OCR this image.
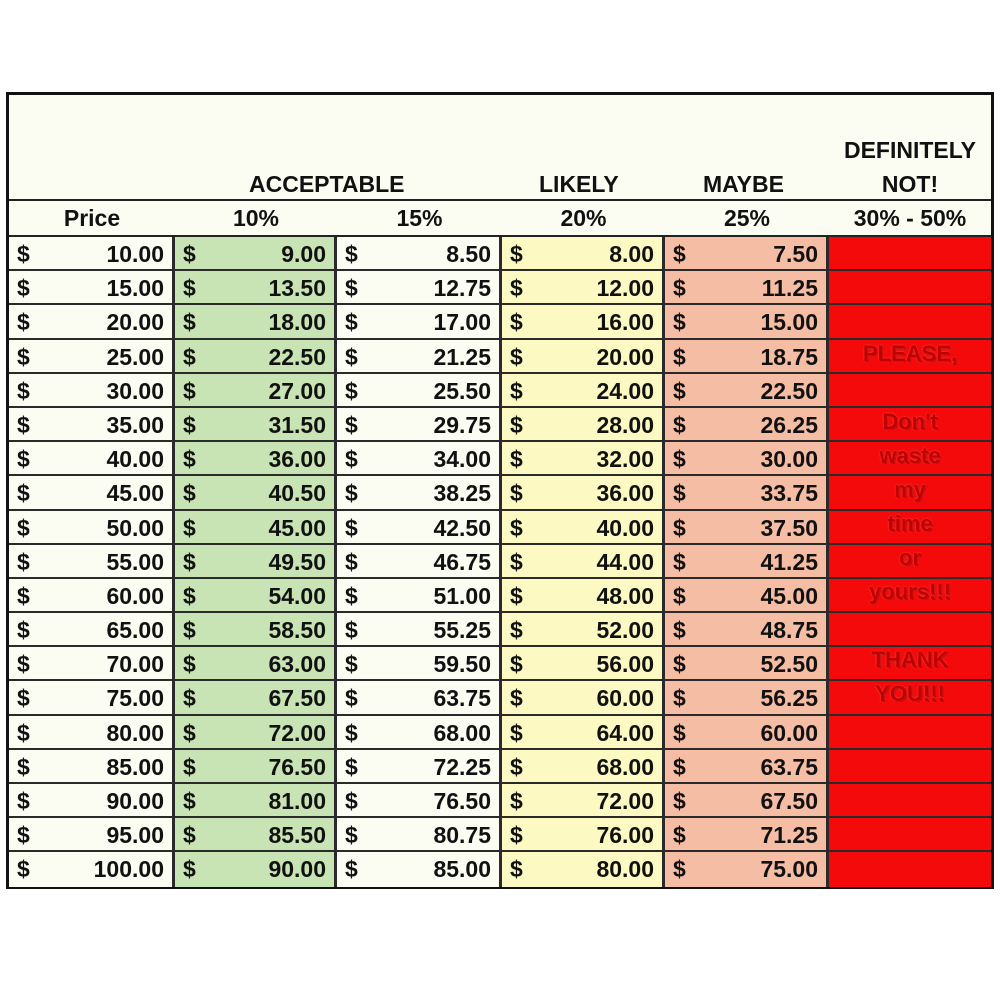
ACCEPTABLE	LIKELY	MAYBE
DEFINITELY
NOT!
Price	10%	15%	20%	25%	30% - 50%
$	10.00 $	9.00 $	8.50 $	8.00 $	7.50
$	15.00 $	13.50 $	12.75 $	12.00 $	11.25
$	20.00 $	18.00 $	17.00 $	16.00 $	15.00
$	25.00 $	22.50 $	21.25 $	20.00 $	18.75
$	30.00 $	27.00 $	25.50 $	24.00 $	22.50
$	35.00 $	31.50 $	29.75 $	28.00 $	26.25
$	40.00 $	36.00 $	34.00 $	32.00 $	30.00
$	45.00 $	40.50 $	38.25 $	36.00 $	33.75
$	50.00 $	45.00 $	42.50 $	40.00 $	37.50
$	55.00 $	49.50 $	46.75 $	44.00 $	41.25
$	60.00 $	54.00 $	51.00 $	48.00 $	45.00
$	65.00 $	58.50 $	55.25 $	52.00 $	48.75
$	70.00 $	63.00 $	59.50 $	56.00 $	52.50
$	75.00 $	67.50 $	63.75 $	60.00 $	56.25
$	80.00 $	72.00 $	68.00 $	64.00 $	60.00
$	85.00 $	76.50 $	72.25 $	68.00 $	63.75
$	90.00 $	81.00 $	76.50 $	72.00 $	67.50
$	95.00 $	85.50 $	80.75 $	76.00 $	71.25
$	100.00 $	90.00 $	85.00 $	80.00 $	75.00
PLEASE,
Don't
waste
my
time
or
yours!!!
THANK
YOU!!!
